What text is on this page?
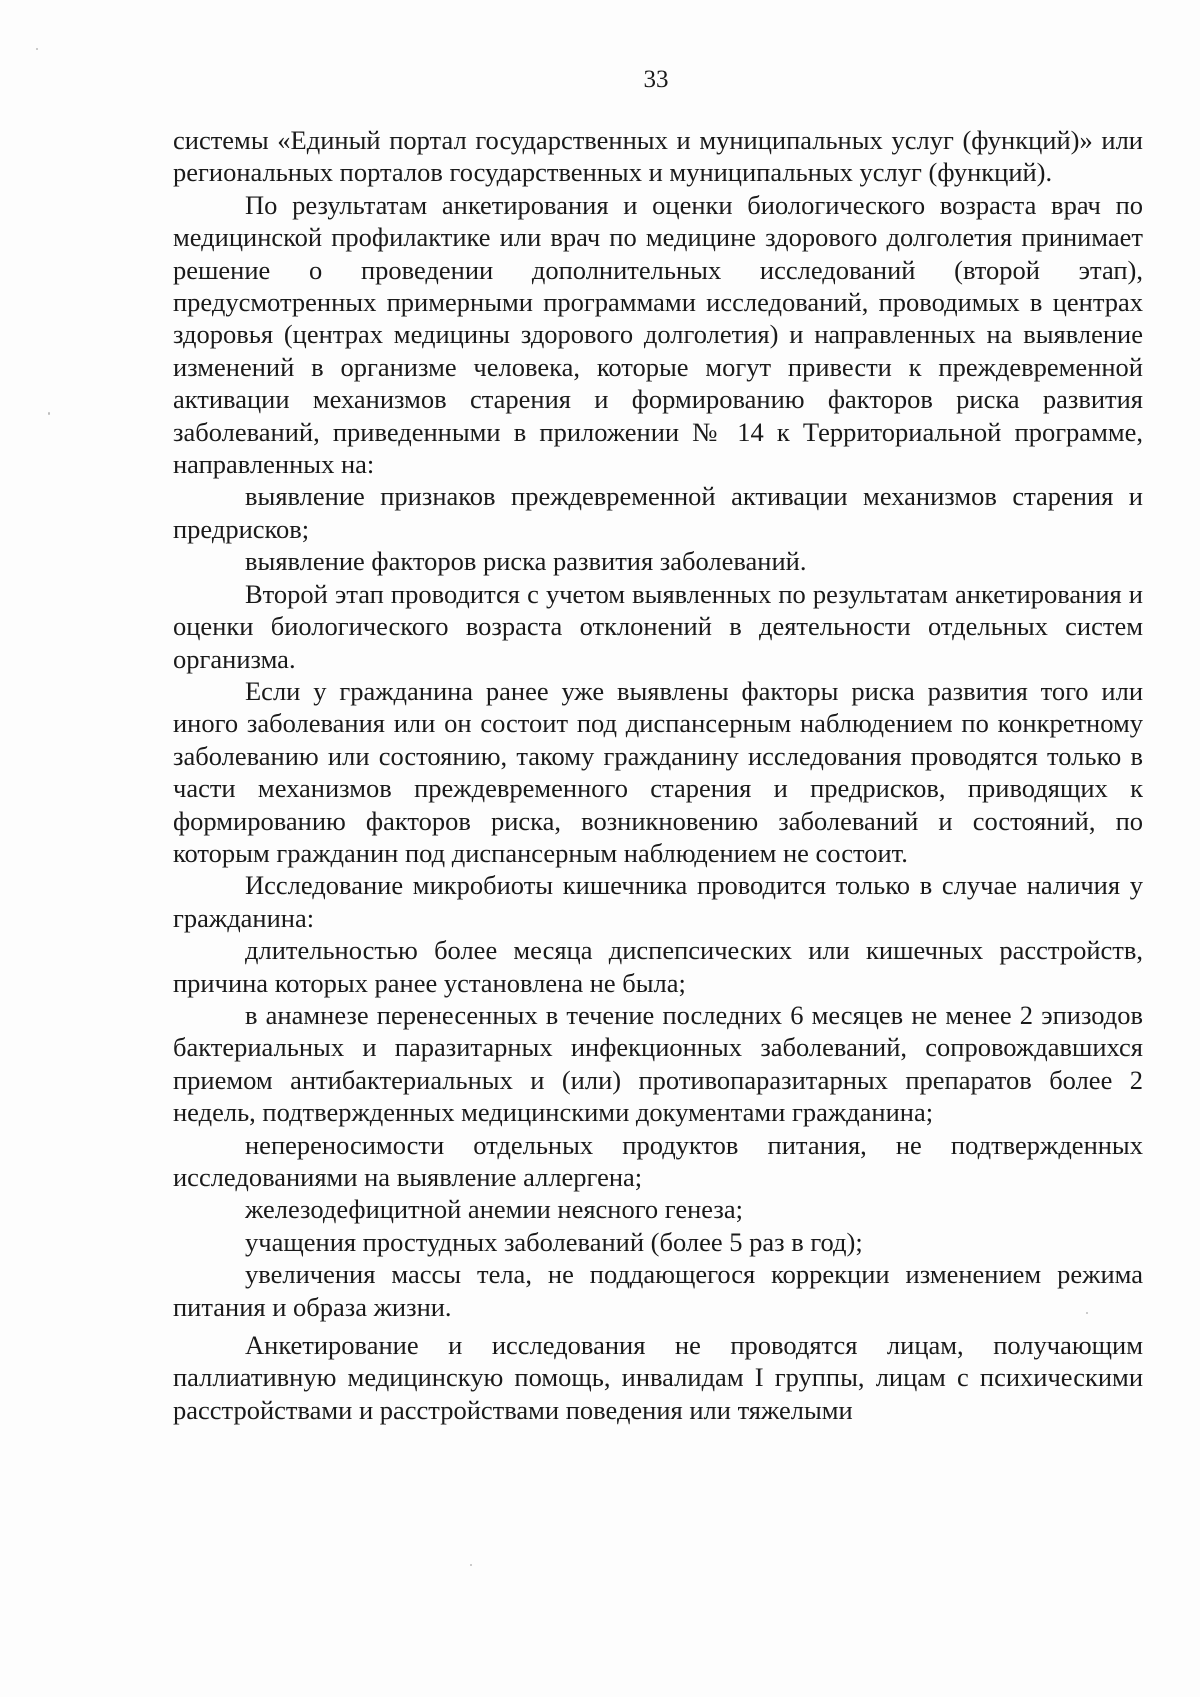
33

системы «Единый портал государственных и муниципальных услуг (функций)» или региональных порталов государственных и муниципальных услуг (функций).

По результатам анкетирования и оценки биологического возраста врач по медицинской профилактике или врач по медицине здорового долголетия принимает решение о проведении дополнительных исследований (второй этап), предусмотренных примерными программами исследований, проводимых в центрах здоровья (центрах медицины здорового долголетия) и направленных на выявление изменений в организме человека, которые могут привести к преждевременной активации механизмов старения и формированию факторов риска развития заболеваний, приведенными в приложении № 14 к Территориальной программе, направленных на:

выявление признаков преждевременной активации механизмов старения и предрисков;

выявление факторов риска развития заболеваний.

Второй этап проводится с учетом выявленных по результатам анкетирования и оценки биологического возраста отклонений в деятельности отдельных систем организма.

Если у гражданина ранее уже выявлены факторы риска развития того или иного заболевания или он состоит под диспансерным наблюдением по конкретному заболеванию или состоянию, такому гражданину исследования проводятся только в части механизмов преждевременного старения и предрисков, приводящих к формированию факторов риска, возникновению заболеваний и состояний, по которым гражданин под диспансерным наблюдением не состоит.

Исследование микробиоты кишечника проводится только в случае наличия у гражданина:

длительностью более месяца диспепсических или кишечных расстройств, причина которых ранее установлена не была;

в анамнезе перенесенных в течение последних 6 месяцев не менее 2 эпизодов бактериальных и паразитарных инфекционных заболеваний, сопровождавшихся приемом антибактериальных и (или) противопаразитарных препаратов более 2 недель, подтвержденных медицинскими документами гражданина;

непереносимости отдельных продуктов питания, не подтвержденных исследованиями на выявление аллергена;

железодефицитной анемии неясного генеза;

учащения простудных заболеваний (более 5 раз в год);

увеличения массы тела, не поддающегося коррекции изменением режима питания и образа жизни.

Анкетирование и исследования не проводятся лицам, получающим паллиативную медицинскую помощь, инвалидам I группы, лицам с психическими расстройствами и расстройствами поведения или тяжелыми
